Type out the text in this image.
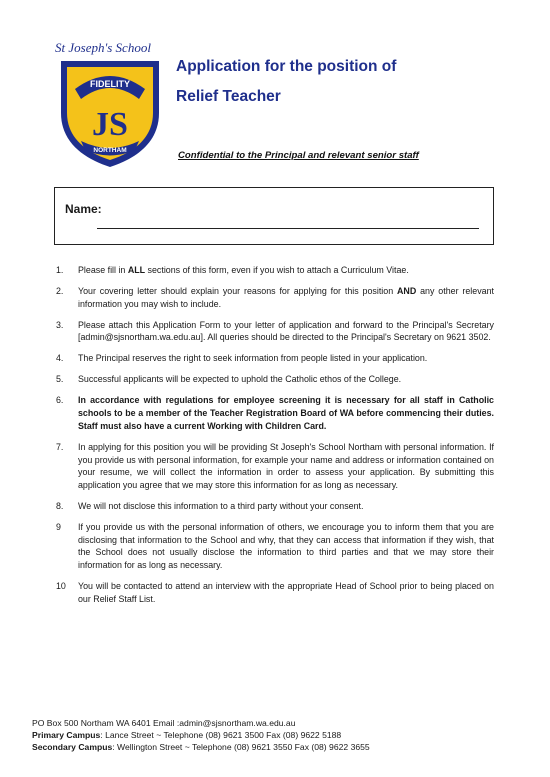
St Joseph's School
FIDELITY
JS
NORTHAM
Application for the position of
Relief Teacher
Confidential to the Principal and relevant senior staff
Name:
1. Please fill in ALL sections of this form, even if you wish to attach a Curriculum Vitae.
2. Your covering letter should explain your reasons for applying for this position AND any other relevant information you may wish to include.
3. Please attach this Application Form to your letter of application and forward to the Principal's Secretary [admin@sjsnortham.wa.edu.au]. All queries should be directed to the Principal's Secretary on 9621 3502.
4. The Principal reserves the right to seek information from people listed in your application.
5. Successful applicants will be expected to uphold the Catholic ethos of the College.
6. In accordance with regulations for employee screening it is necessary for all staff in Catholic schools to be a member of the Teacher Registration Board of WA before commencing their duties. Staff must also have a current Working with Children Card.
7. In applying for this position you will be providing St Joseph's School Northam with personal information. If you provide us with personal information, for example your name and address or information contained on your resume, we will collect the information in order to assess your application. By submitting this application you agree that we may store this information for as long as necessary.
8. We will not disclose this information to a third party without your consent.
9 If you provide us with the personal information of others, we encourage you to inform them that you are disclosing that information to the School and why, that they can access that information if they wish, that the School does not usually disclose the information to third parties and that we may store their information for as long as necessary.
10 You will be contacted to attend an interview with the appropriate Head of School prior to being placed on our Relief Staff List.
PO Box 500 Northam WA 6401 Email :admin@sjsnortham.wa.edu.au
Primary Campus: Lance Street ~ Telephone (08) 9621 3500 Fax (08) 9622 5188
Secondary Campus: Wellington Street ~ Telephone (08) 9621 3550 Fax (08) 9622 3655
